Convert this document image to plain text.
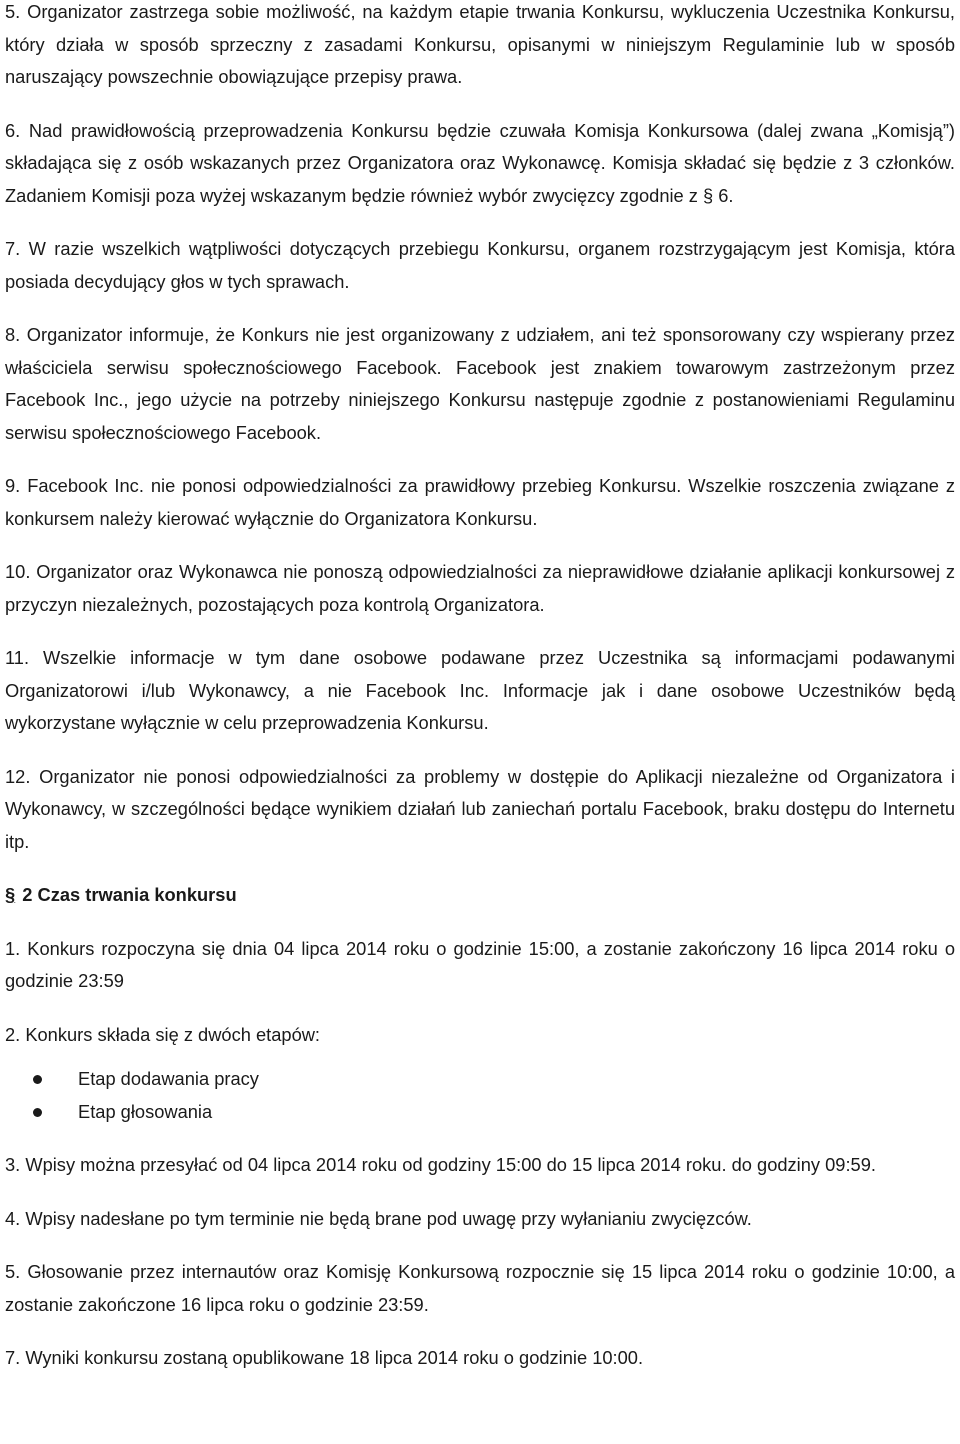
5. Organizator zastrzega sobie możliwość, na każdym etapie trwania Konkursu, wykluczenia Uczestnika Konkursu, który działa w sposób sprzeczny z zasadami Konkursu, opisanymi w niniejszym Regulaminie lub w sposób naruszający powszechnie obowiązujące przepisy prawa.

6. Nad prawidłowością przeprowadzenia Konkursu będzie czuwała Komisja Konkursowa (dalej zwana „Komisją”) składająca się z osób wskazanych przez Organizatora oraz Wykonawcę. Komisja składać się będzie z 3 członków. Zadaniem Komisji poza wyżej wskazanym będzie również wybór zwycięzcy zgodnie z § 6.

7. W razie wszelkich wątpliwości dotyczących przebiegu Konkursu, organem rozstrzygającym jest Komisja, która posiada decydujący głos w tych sprawach.

8. Organizator informuje, że Konkurs nie jest organizowany z udziałem, ani też sponsorowany czy wspierany przez właściciela serwisu społecznościowego Facebook. Facebook jest znakiem towarowym zastrzeżonym przez Facebook Inc., jego użycie na potrzeby niniejszego Konkursu następuje zgodnie z postanowieniami Regulaminu serwisu społecznościowego Facebook.

9. Facebook Inc. nie ponosi odpowiedzialności za prawidłowy przebieg Konkursu. Wszelkie roszczenia związane z konkursem należy kierować wyłącznie do Organizatora Konkursu.

10. Organizator oraz Wykonawca nie ponoszą odpowiedzialności za nieprawidłowe działanie aplikacji konkursowej z przyczyn niezależnych, pozostających poza kontrolą Organizatora.

11. Wszelkie informacje w tym dane osobowe podawane przez Uczestnika są informacjami podawanymi Organizatorowi i/lub Wykonawcy, a nie Facebook Inc. Informacje jak i dane osobowe Uczestników będą wykorzystane wyłącznie w celu przeprowadzenia Konkursu.

12. Organizator nie ponosi odpowiedzialności za problemy w dostępie do Aplikacji niezależne od Organizatora i Wykonawcy, w szczególności będące wynikiem działań lub zaniechań portalu Facebook, braku dostępu do Internetu itp.

§ 2 Czas trwania konkursu

1. Konkurs rozpoczyna się dnia 04 lipca 2014 roku o godzinie 15:00, a zostanie zakończony 16 lipca 2014 roku o godzinie 23:59

2. Konkurs składa się z dwóch etapów:

Etap dodawania pracy
Etap głosowania

3. Wpisy można przesyłać od 04 lipca 2014 roku od godziny 15:00 do 15 lipca 2014 roku. do godziny 09:59.

4. Wpisy nadesłane po tym terminie nie będą brane pod uwagę przy wyłanianiu zwycięzców.

5. Głosowanie przez internautów oraz Komisję Konkursową rozpocznie się 15 lipca 2014 roku o godzinie 10:00, a zostanie zakończone 16 lipca roku o godzinie 23:59.

7. Wyniki konkursu zostaną opublikowane 18 lipca 2014 roku o godzinie 10:00.
